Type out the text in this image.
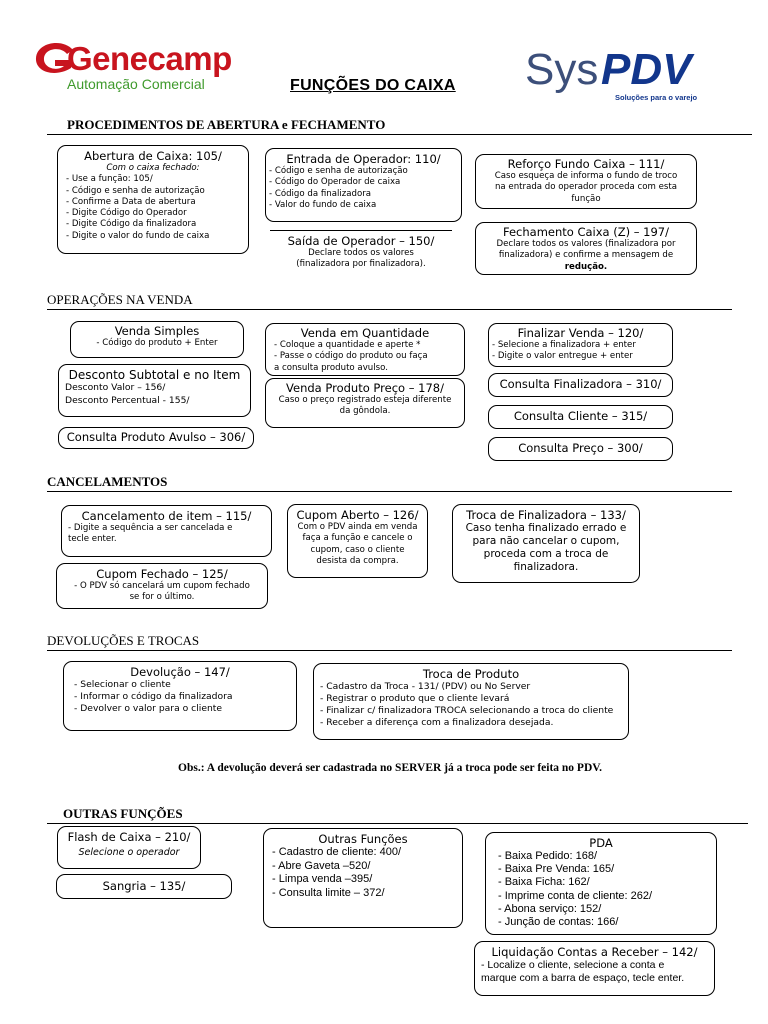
Genecamp
Automação Comercial	FUNÇÕES DO CAIXA Sys PDV
Soluções para o varejo
PROCEDIMENTOS DE ABERTURA e FECHAMENTO
Abertura de Caixa: 105/
Com o caixa fechado:
- Use a função: 105/
- Código e senha de autorização
- Confirme a Data de abertura
- Digite Código do Operador
- Digite Código da finalizadora
- Digite o valor do fundo de caixa
Entrada de Operador: 110/
- Código e senha de autorização
- Código do Operador de caixa
- Código da finalizadora
- Valor do fundo de caixa
Saída de Operador – 150/
Declare todos os valores
(finalizadora por finalizadora).
Reforço Fundo Caixa – 111/
Caso esqueça de informa o fundo de troco
na entrada do operador proceda com esta
função
Fechamento Caixa (Z) – 197/
Declare todos os valores (finalizadora por
finalizadora) e confirme a mensagem de
redução.
OPERAÇÕES NA VENDA
Venda Simples
- Código do produto + Enter
Desconto Subtotal e no Item
Desconto Valor – 156/
Desconto Percentual - 155/
Consulta Produto Avulso – 306/
Venda em Quantidade
- Coloque a quantidade e aperte *
- Passe o código do produto ou faça
a consulta produto avulso.
Venda Produto Preço – 178/
Caso o preço registrado esteja diferente
da gôndola.
Finalizar Venda – 120/
- Selecione a finalizadora + enter
- Digite o valor entregue + enter
Consulta Finalizadora – 310/
Consulta Cliente – 315/
Consulta Preço – 300/
CANCELAMENTOS
Cancelamento de item – 115/
- Digite a sequência a ser cancelada e
tecle enter.
Cupom Fechado – 125/
- O PDV só cancelará um cupom fechado
se for o último.
Cupom Aberto – 126/
Com o PDV ainda em venda
faça a função e cancele o
cupom, caso o cliente
desista da compra.
Troca de Finalizadora – 133/
Caso tenha finalizado errado e
para não cancelar o cupom,
proceda com a troca de
finalizadora.
DEVOLUÇÕES E TROCAS
Devolução – 147/
- Selecionar o cliente
- Informar o código da finalizadora
- Devolver o valor para o cliente
Troca de Produto
- Cadastro da Troca - 131/ (PDV) ou No Server
- Registrar o produto que o cliente levará
- Finalizar c/ finalizadora TROCA selecionando a troca do cliente
- Receber a diferença com a finalizadora desejada.
Obs.: A devolução deverá ser cadastrada no SERVER já a troca pode ser feita no PDV.
OUTRAS FUNÇÕES
Flash de Caixa – 210/
Selecione o operador
Sangria – 135/
Outras Funções
- Cadastro de cliente: 400/
- Abre Gaveta –520/
- Limpa venda –395/
- Consulta limite – 372/
PDA
- Baixa Pedido: 168/
- Baixa Pre Venda: 165/
- Baixa Ficha: 162/
- Imprime conta de cliente: 262/
- Abona serviço: 152/
- Junção de contas: 166/
Liquidação Contas a Receber – 142/
- Localize o cliente, selecione a conta e
marque com a barra de espaço, tecle enter.
